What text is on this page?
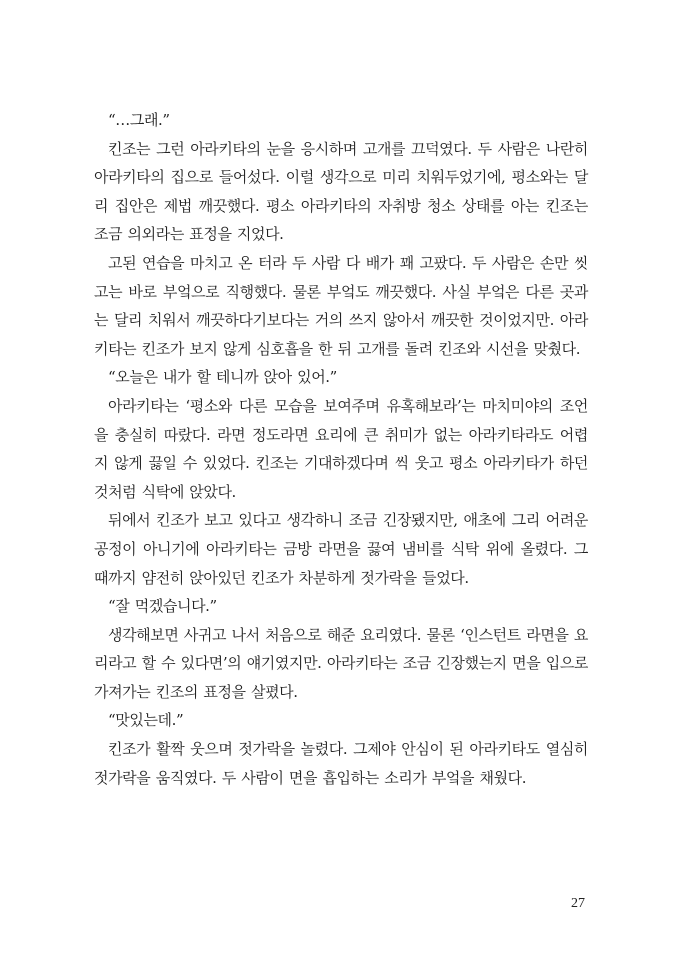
“…그래.”

킨조는 그런 아라키타의 눈을 응시하며 고개를 끄덕였다. 두 사람은 나란히 아라키타의 집으로 들어섰다. 이럴 생각으로 미리 치워두었기에, 평소와는 달리 집안은 제법 깨끗했다. 평소 아라키타의 자취방 청소 상태를 아는 킨조는 조금 의외라는 표정을 지었다.

고된 연습을 마치고 온 터라 두 사람 다 배가 꽤 고팠다. 두 사람은 손만 씻고는 바로 부엌으로 직행했다. 물론 부엌도 깨끗했다. 사실 부엌은 다른 곳과는 달리 치워서 깨끗하다기보다는 거의 쓰지 않아서 깨끗한 것이었지만. 아라키타는 킨조가 보지 않게 심호흡을 한 뒤 고개를 돌려 킨조와 시선을 맞췄다.

“오늘은 내가 할 테니까 앉아 있어.”

아라키타는 ‘평소와 다른 모습을 보여주며 유혹해보라’는 마치미야의 조언을 충실히 따랐다. 라면 정도라면 요리에 큰 취미가 없는 아라키타라도 어렵지 않게 끓일 수 있었다. 킨조는 기대하겠다며 씩 웃고 평소 아라키타가 하던 것처럼 식탁에 앉았다.

뒤에서 킨조가 보고 있다고 생각하니 조금 긴장됐지만, 애초에 그리 어려운 공정이 아니기에 아라키타는 금방 라면을 끓여 냄비를 식탁 위에 올렸다. 그때까지 얌전히 앉아있던 킨조가 차분하게 젓가락을 들었다.

“잘 먹겠습니다.”

생각해보면 사귀고 나서 처음으로 해준 요리였다. 물론 ‘인스턴트 라면을 요리라고 할 수 있다면’의 얘기였지만. 아라키타는 조금 긴장했는지 면을 입으로 가져가는 킨조의 표정을 살폈다.

“맛있는데.”

킨조가 활짝 웃으며 젓가락을 놀렸다. 그제야 안심이 된 아라키타도 열심히 젓가락을 움직였다. 두 사람이 면을 흡입하는 소리가 부엌을 채웠다.

27
